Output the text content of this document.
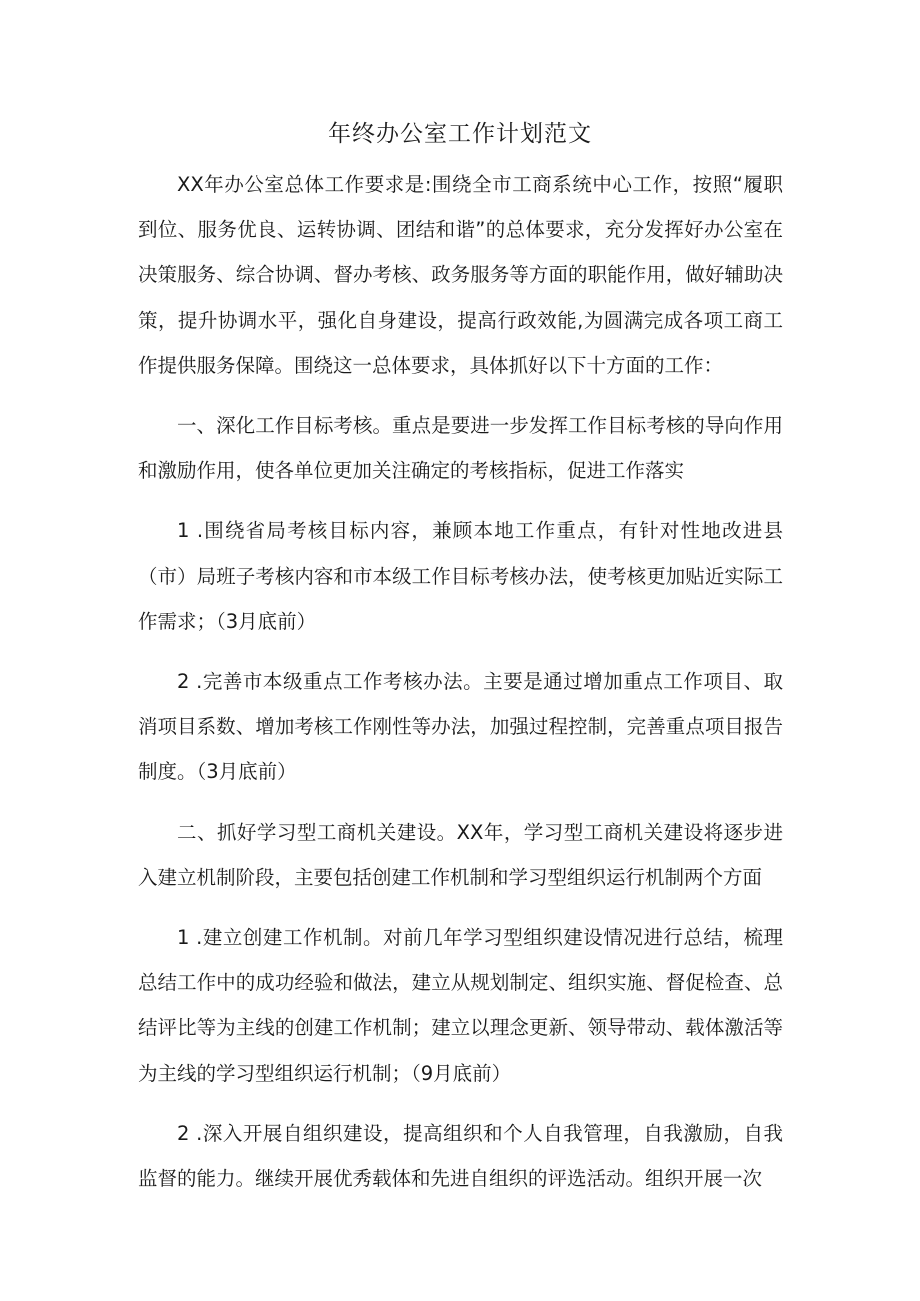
年终办公室工作计划范文

XX年办公室总体工作要求是:围绕全市工商系统中心工作，按照“履职到位、服务优良、运转协调、团结和谐”的总体要求，充分发挥好办公室在决策服务、综合协调、督办考核、政务服务等方面的职能作用，做好辅助决策，提升协调水平，强化自身建设，提高行政效能,为圆满完成各项工商工作提供服务保障。围绕这一总体要求，具体抓好以下十方面的工作：

一、深化工作目标考核。重点是要进一步发挥工作目标考核的导向作用和激励作用，使各单位更加关注确定的考核指标，促进工作落实

1 .围绕省局考核目标内容，兼顾本地工作重点，有针对性地改进县（市）局班子考核内容和市本级工作目标考核办法，使考核更加贴近实际工作需求；（3月底前）

2 .完善市本级重点工作考核办法。主要是通过增加重点工作项目、取消项目系数、增加考核工作刚性等办法，加强过程控制，完善重点项目报告制度。（3月底前）

二、抓好学习型工商机关建设。XX年，学习型工商机关建设将逐步进入建立机制阶段，主要包括创建工作机制和学习型组织运行机制两个方面

1 .建立创建工作机制。对前几年学习型组织建设情况进行总结，梳理总结工作中的成功经验和做法，建立从规划制定、组织实施、督促检查、总结评比等为主线的创建工作机制；建立以理念更新、领导带动、载体激活等为主线的学习型组织运行机制；（9月底前）

2 .深入开展自组织建设，提高组织和个人自我管理，自我激励，自我监督的能力。继续开展优秀载体和先进自组织的评选活动。组织开展一次
